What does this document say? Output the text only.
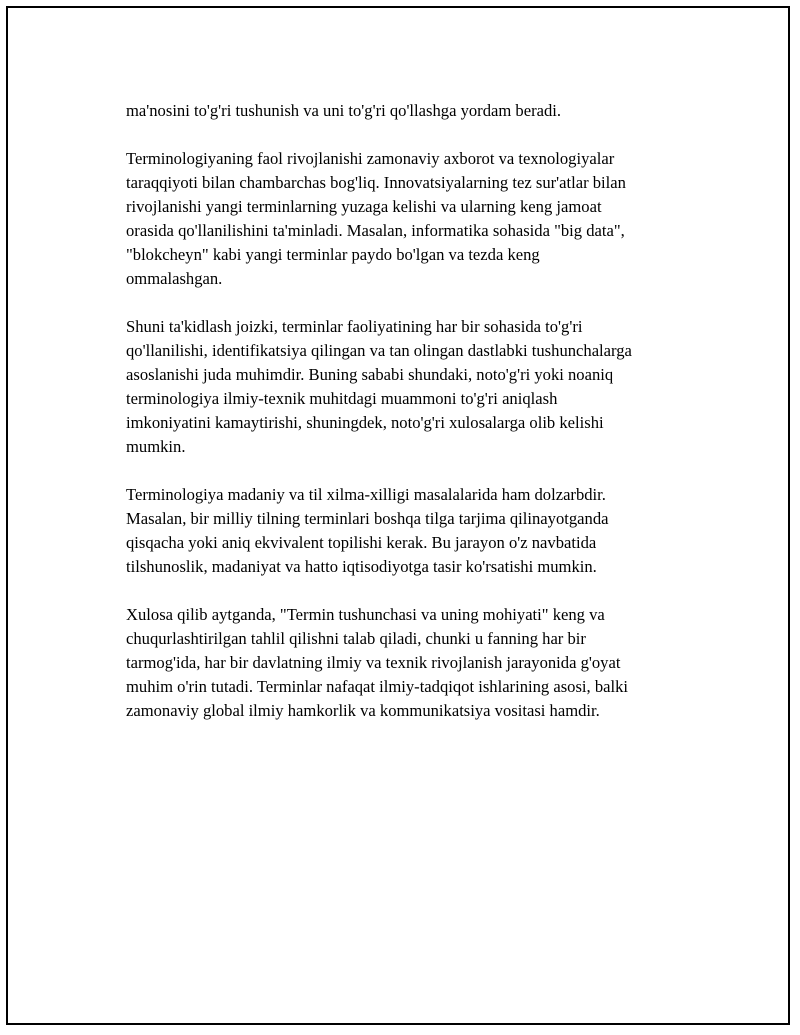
ma'nosini to'g'ri tushunish va uni to'g'ri qo'llashga yordam beradi.

Terminologiyaning faol rivojlanishi zamonaviy axborot va texnologiyalar
taraqqiyoti bilan chambarchas bog'liq. Innovatsiyalarning tez sur'atlar bilan
rivojlanishi yangi terminlarning yuzaga kelishi va ularning keng jamoat
orasida qo'llanilishini ta'minladi. Masalan, informatika sohasida "big data",
"blokcheyn" kabi yangi terminlar paydo bo'lgan va tezda keng
ommalashgan.

Shuni ta'kidlash joizki, terminlar faoliyatining har bir sohasida to'g'ri
qo'llanilishi, identifikatsiya qilingan va tan olingan dastlabki tushunchalarga
asoslanishi juda muhimdir. Buning sababi shundaki, noto'g'ri yoki noaniq
terminologiya ilmiy-texnik muhitdagi muammoni to'g'ri aniqlash
imkoniyatini kamaytirishi, shuningdek, noto'g'ri xulosalarga olib kelishi
mumkin.

Terminologiya madaniy va til xilma-xilligi masalalarida ham dolzarbdir.
Masalan, bir milliy tilning terminlari boshqa tilga tarjima qilinayotganda
qisqacha yoki aniq ekvivalent topilishi kerak. Bu jarayon o'z navbatida
tilshunoslik, madaniyat va hatto iqtisodiyotga tasir ko'rsatishi mumkin.

Xulosa qilib aytganda, "Termin tushunchasi va uning mohiyati" keng va
chuqurlashtirilgan tahlil qilishni talab qiladi, chunki u fanning har bir
tarmog'ida, har bir davlatning ilmiy va texnik rivojlanish jarayonida g'oyat
muhim o'rin tutadi. Terminlar nafaqat ilmiy-tadqiqot ishlarining asosi, balki
zamonaviy global ilmiy hamkorlik va kommunikatsiya vositasi hamdir.
